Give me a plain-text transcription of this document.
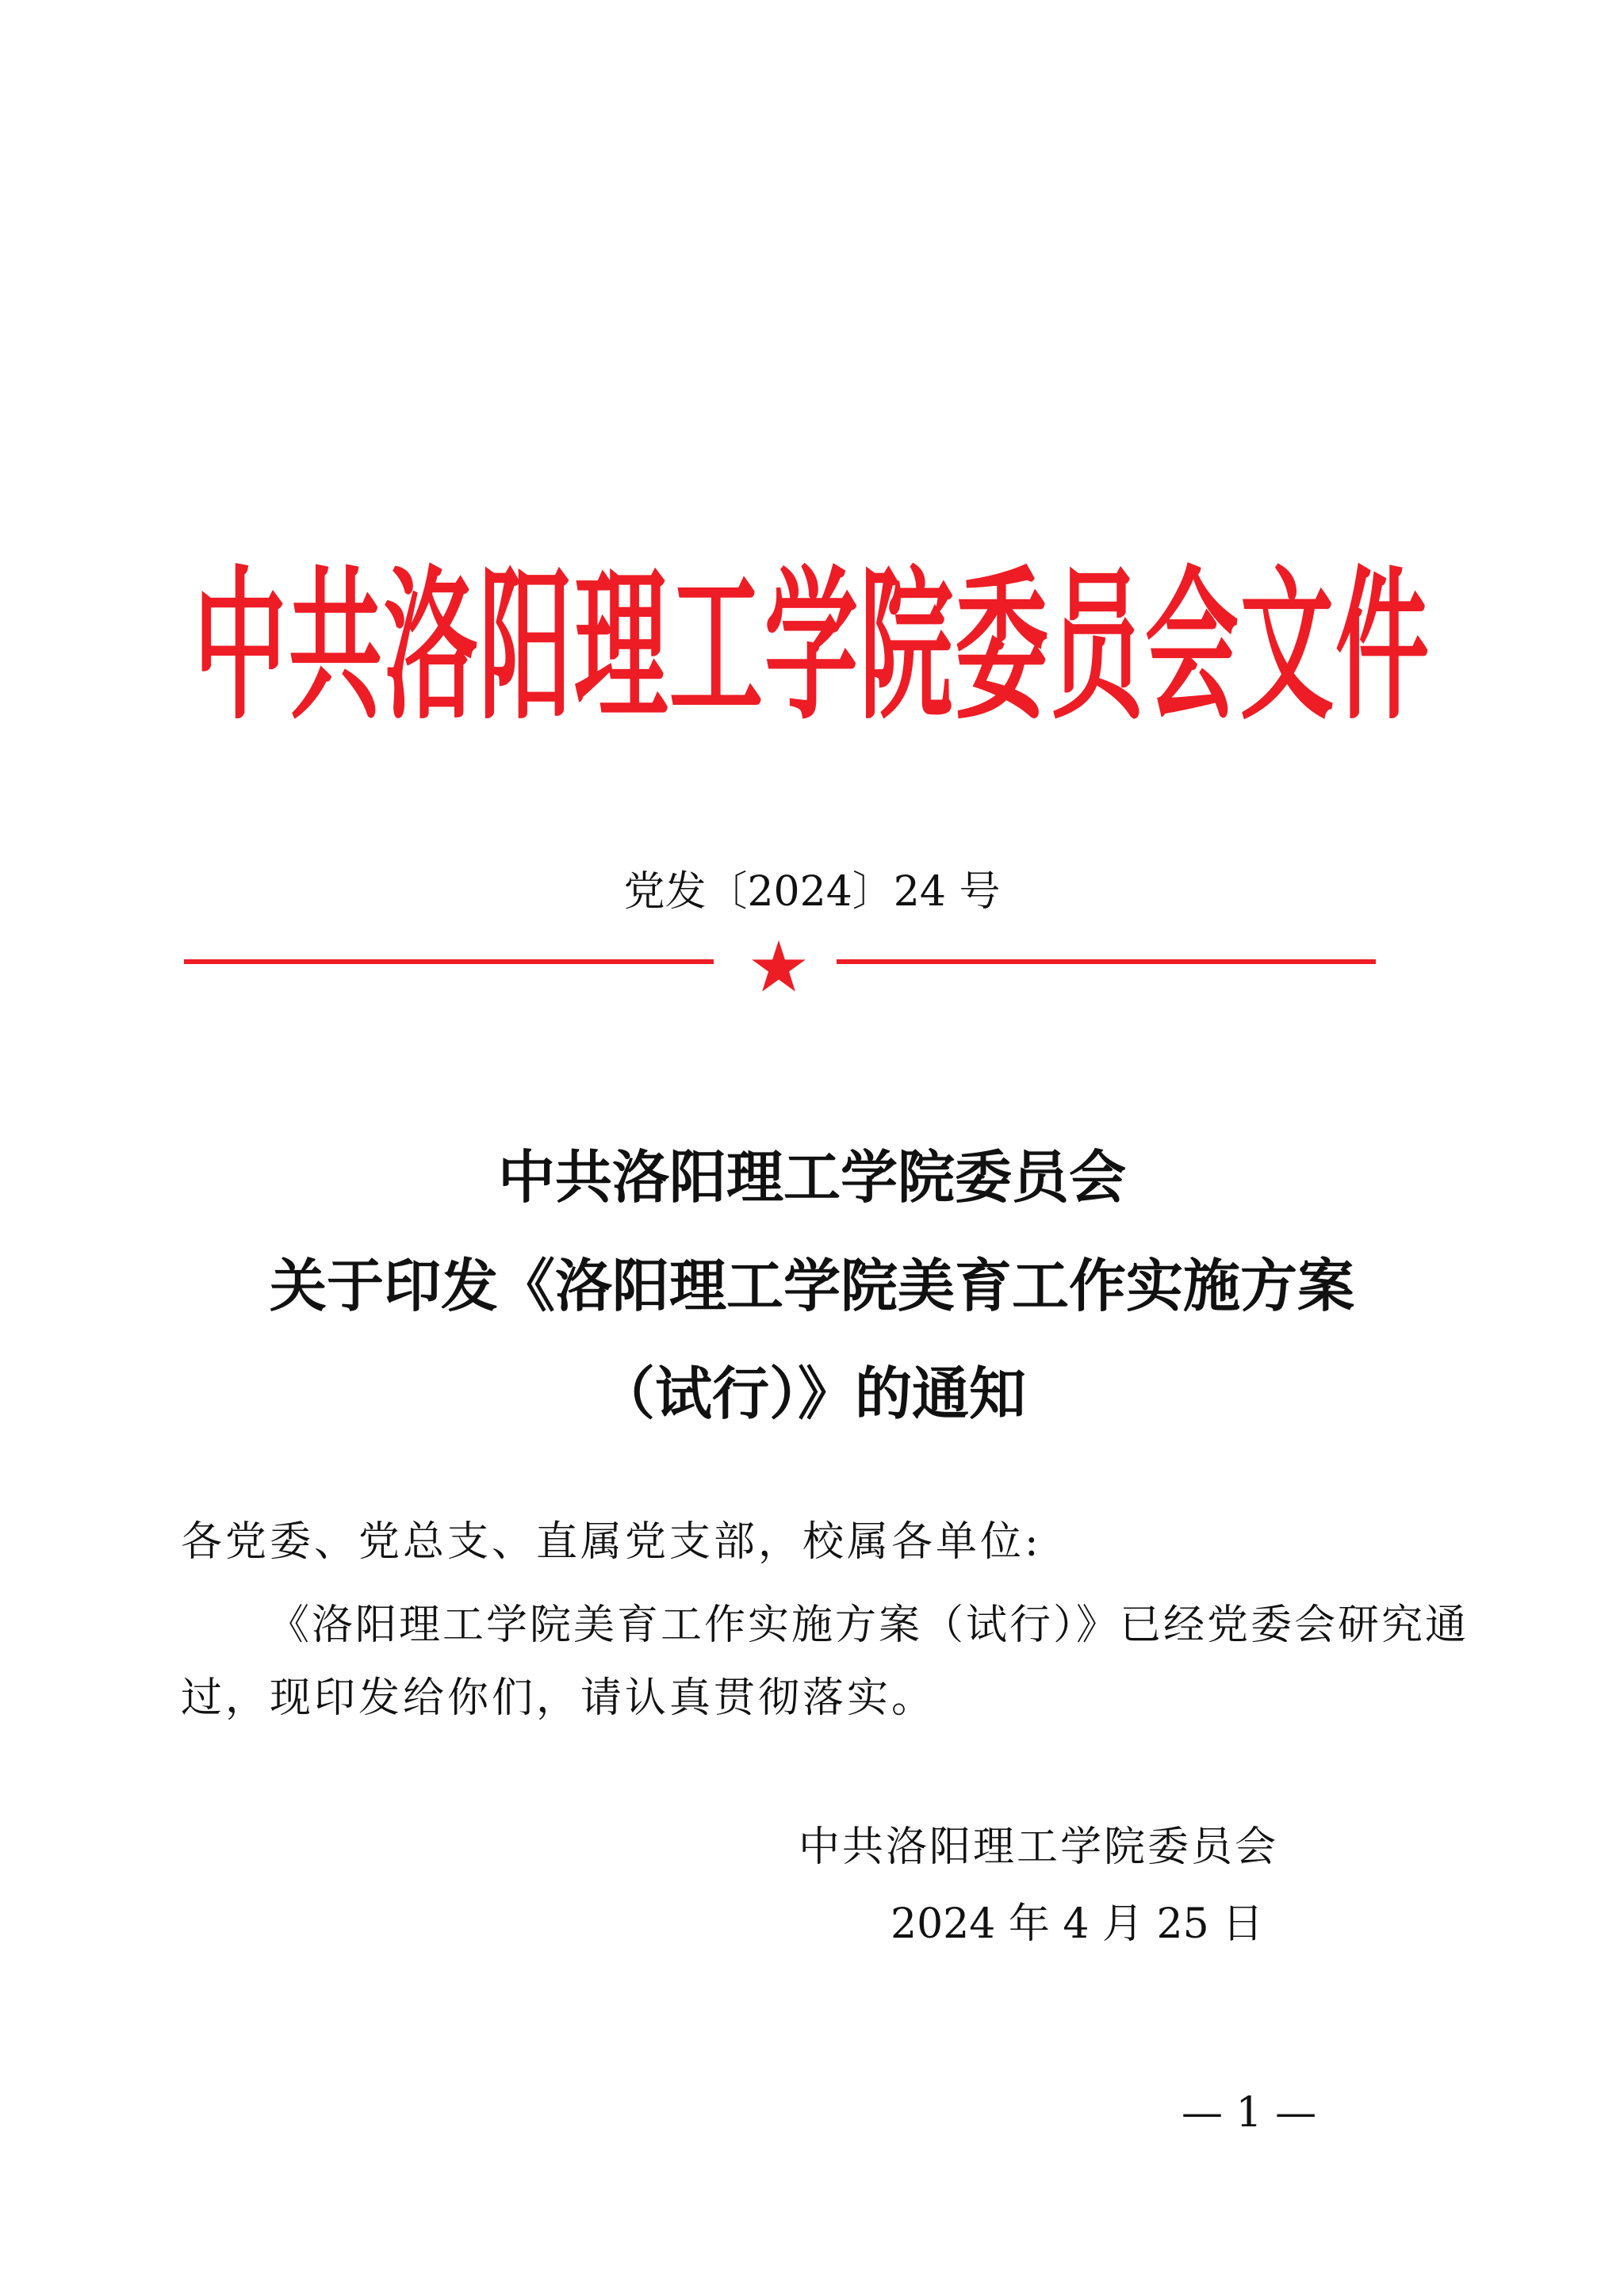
中共洛阳理工学院委员会文件
党发〔2024〕24 号
中共洛阳理工学院委员会
关于印发《洛阳理工学院美育工作实施方案
（试行）》的通知
各党委、党总支、直属党支部，校属各单位:
《洛阳理工学院美育工作实施方案（试行）》已经党委会研究通
过，现印发给你们，请认真贯彻落实。
中共洛阳理工学院委员会
2024 年 4 月 25 日
— 1 —
